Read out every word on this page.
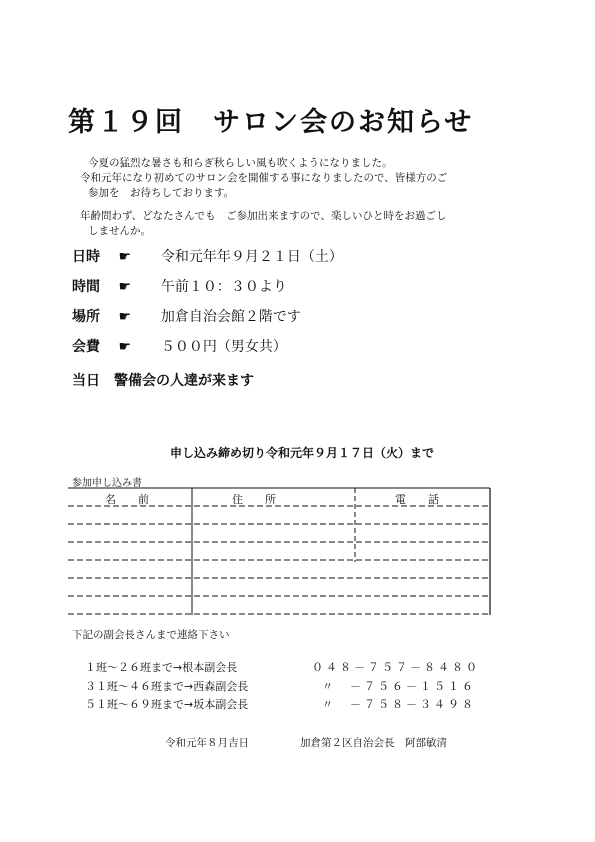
第１９回　サロン会のお知らせ
今夏の猛烈な暑さも和らぎ秋らしい風も吹くようになりました。
令和元年になり初めてのサロン会を開催する事になりましたので、皆様方のご
参加を　お待ちしております。
年齢問わず、どなたさんでも　ご参加出来ますので、楽しいひと時をお過ごし
しませんか。
日時 ☛ 令和元年年９月２１日（土）
時間 ☛ 午前１０：３０より
場所 ☛ 加倉自治会館２階です
会費 ☛ ５００円（男女共）
当日　警備会の人達が来ます
申し込み締め切り令和元年９月１７日（火）まで
参加申し込み書
名　　前	住　　所	電　　話
下記の副会長さんまで連絡下さい
１班～２６班まで→根本副会長	０４８－７５７－８４８０
３１班～４６班まで→西森副会長	〃　－７５６－１５１６
５１班～６９班まで→坂本副会長	〃　－７５８－３４９８
令和元年８月吉日	加倉第２区自治会長　阿部敏清
